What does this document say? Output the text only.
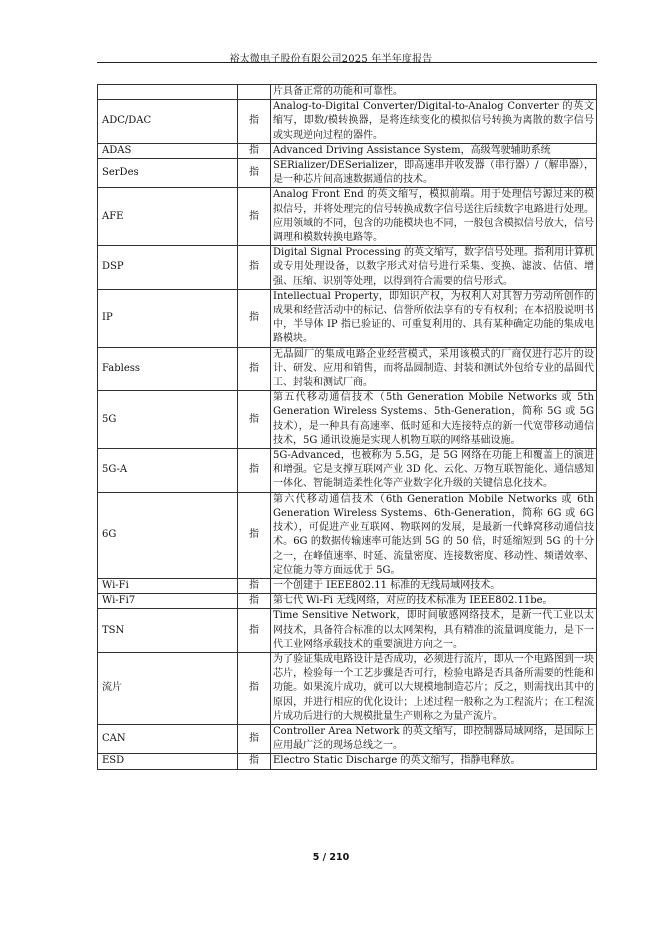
裕太微电子股份有限公司2025 年半年度报告
		片具备正常的功能和可靠性。
ADC/DAC	指	Analog-to-Digital Converter/Digital-to-Analog Converter 的英文缩写，即数/模转换器，是将连续变化的模拟信号转换为离散的数字信号或实现逆向过程的器件。
ADAS	指	Advanced Driving Assistance System，高级驾驶辅助系统
SerDes	指	SERializer/DESerializer，即高速串并收发器（串行器）/（解串器），是一种芯片间高速数据通信的技术。
AFE	指	Analog Front End 的英文缩写，模拟前端。用于处理信号源过来的模拟信号，并将处理完的信号转换成数字信号送往后续数字电路进行处理。应用领域的不同，包含的功能模块也不同，一般包含模拟信号放大，信号调理和模数转换电路等。
DSP	指	Digital Signal Processing 的英文缩写，数字信号处理。指利用计算机或专用处理设备，以数字形式对信号进行采集、变换、滤波、估值、增强、压缩、识别等处理，以得到符合需要的信号形式。
IP	指	Intellectual Property，即知识产权，为权利人对其智力劳动所创作的成果和经营活动中的标记、信誉所依法享有的专有权利；在本招股说明书中，半导体 IP 指已验证的、可重复利用的、具有某种确定功能的集成电路模块。
Fabless	指	无晶圆厂的集成电路企业经营模式，采用该模式的厂商仅进行芯片的设计、研发、应用和销售，而将晶圆制造、封装和测试外包给专业的晶圆代工、封装和测试厂商。
5G	指	第五代移动通信技术（5th Generation Mobile Networks 或 5th Generation Wireless Systems、5th-Generation，简称 5G 或 5G 技术），是一种具有高速率、低时延和大连接特点的新一代宽带移动通信技术，5G 通讯设施是实现人机物互联的网络基础设施。
5G-A	指	5G-Advanced，也被称为 5.5G，是 5G 网络在功能上和覆盖上的演进和增强。它是支撑互联网产业 3D 化、云化、万物互联智能化、通信感知一体化、智能制造柔性化等产业数字化升级的关键信息化技术。
6G	指	第六代移动通信技术（6th Generation Mobile Networks 或 6th Generation Wireless Systems、6th-Generation，简称 6G 或 6G 技术），可促进产业互联网、物联网的发展，是最新一代蜂窝移动通信技术。6G 的数据传输速率可能达到 5G 的 50 倍，时延缩短到 5G 的十分之一，在峰值速率、时延、流量密度、连接数密度、移动性、频谱效率、定位能力等方面远优于 5G。
Wi-Fi	指	一个创建于 IEEE802.11 标准的无线局域网技术。
Wi-Fi7	指	第七代 Wi-Fi 无线网络，对应的技术标准为 IEEE802.11be。
TSN	指	Time Sensitive Network，即时间敏感网络技术，是新一代工业以太网技术，具备符合标准的以太网架构，具有精准的流量调度能力，是下一代工业网络承载技术的重要演进方向之一。
流片	指	为了验证集成电路设计是否成功，必须进行流片，即从一个电路图到一块芯片，检验每一个工艺步骤是否可行，检验电路是否具备所需要的性能和功能。如果流片成功，就可以大规模地制造芯片；反之，则需找出其中的原因，并进行相应的优化设计；上述过程一般称之为工程流片；在工程流片成功后进行的大规模批量生产则称之为量产流片。
CAN	指	Controller Area Network 的英文缩写，即控制器局域网络，是国际上应用最广泛的现场总线之一。
ESD	指	Electro Static Discharge 的英文缩写，指静电释放。
5 / 210
